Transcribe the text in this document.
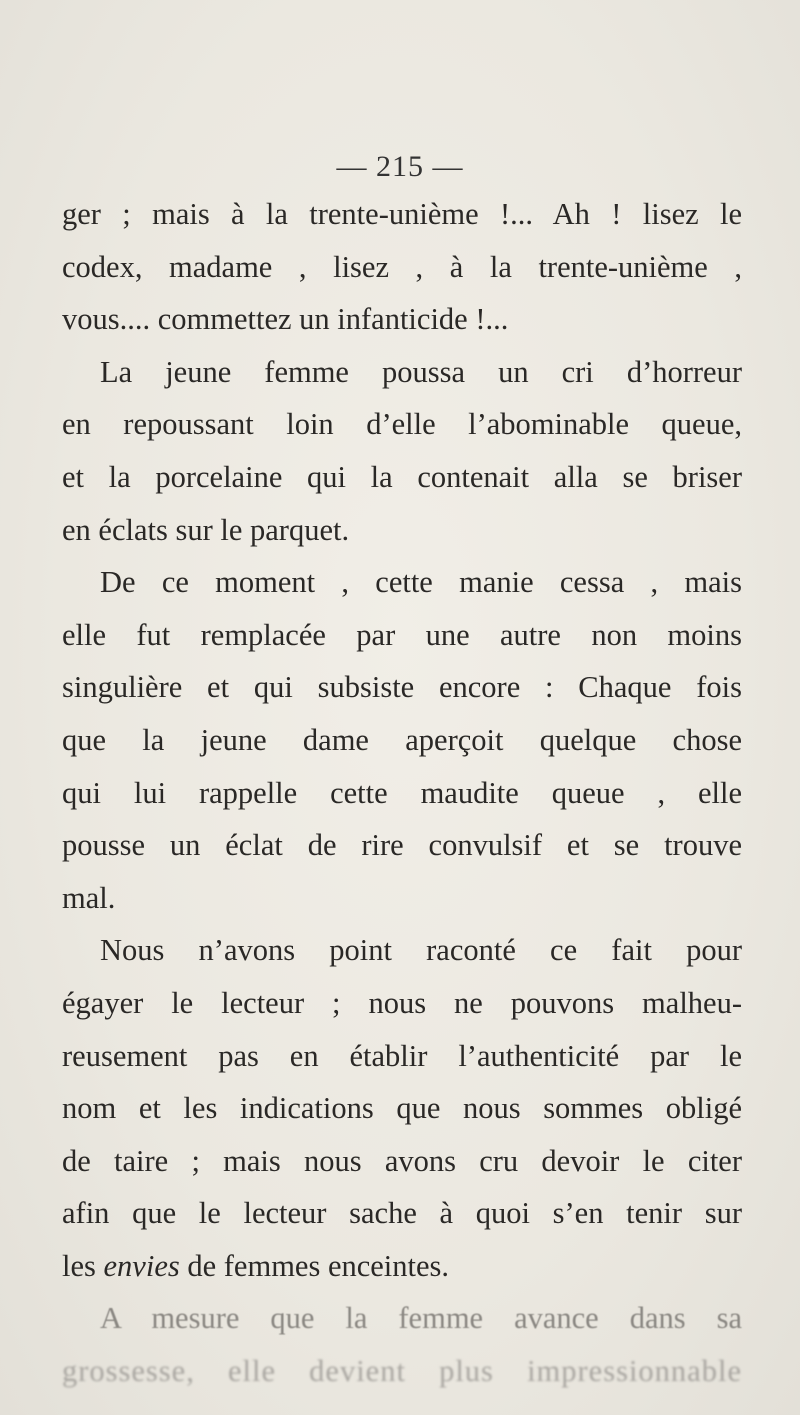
— 215 —
ger ; mais à la trente-unième !... Ah ! lisez le
codex, madame , lisez , à la trente-unième ,
vous.... commettez un infanticide !...
La jeune femme poussa un cri d’horreur
en repoussant loin d’elle l’abominable queue,
et la porcelaine qui la contenait alla se briser
en éclats sur le parquet.
De ce moment , cette manie cessa , mais
elle fut remplacée par une autre non moins
singulière et qui subsiste encore : Chaque fois
que la jeune dame aperçoit quelque chose
qui lui rappelle cette maudite queue , elle
pousse un éclat de rire convulsif et se trouve
mal.
Nous n’avons point raconté ce fait pour
égayer le lecteur ; nous ne pouvons malheu-
reusement pas en établir l’authenticité par le
nom et les indications que nous sommes obligé
de taire ; mais nous avons cru devoir le citer
afin que le lecteur sache à quoi s’en tenir sur
les envies de femmes enceintes.
A mesure que la femme avance dans sa
grossesse, elle devient plus impressionnable
